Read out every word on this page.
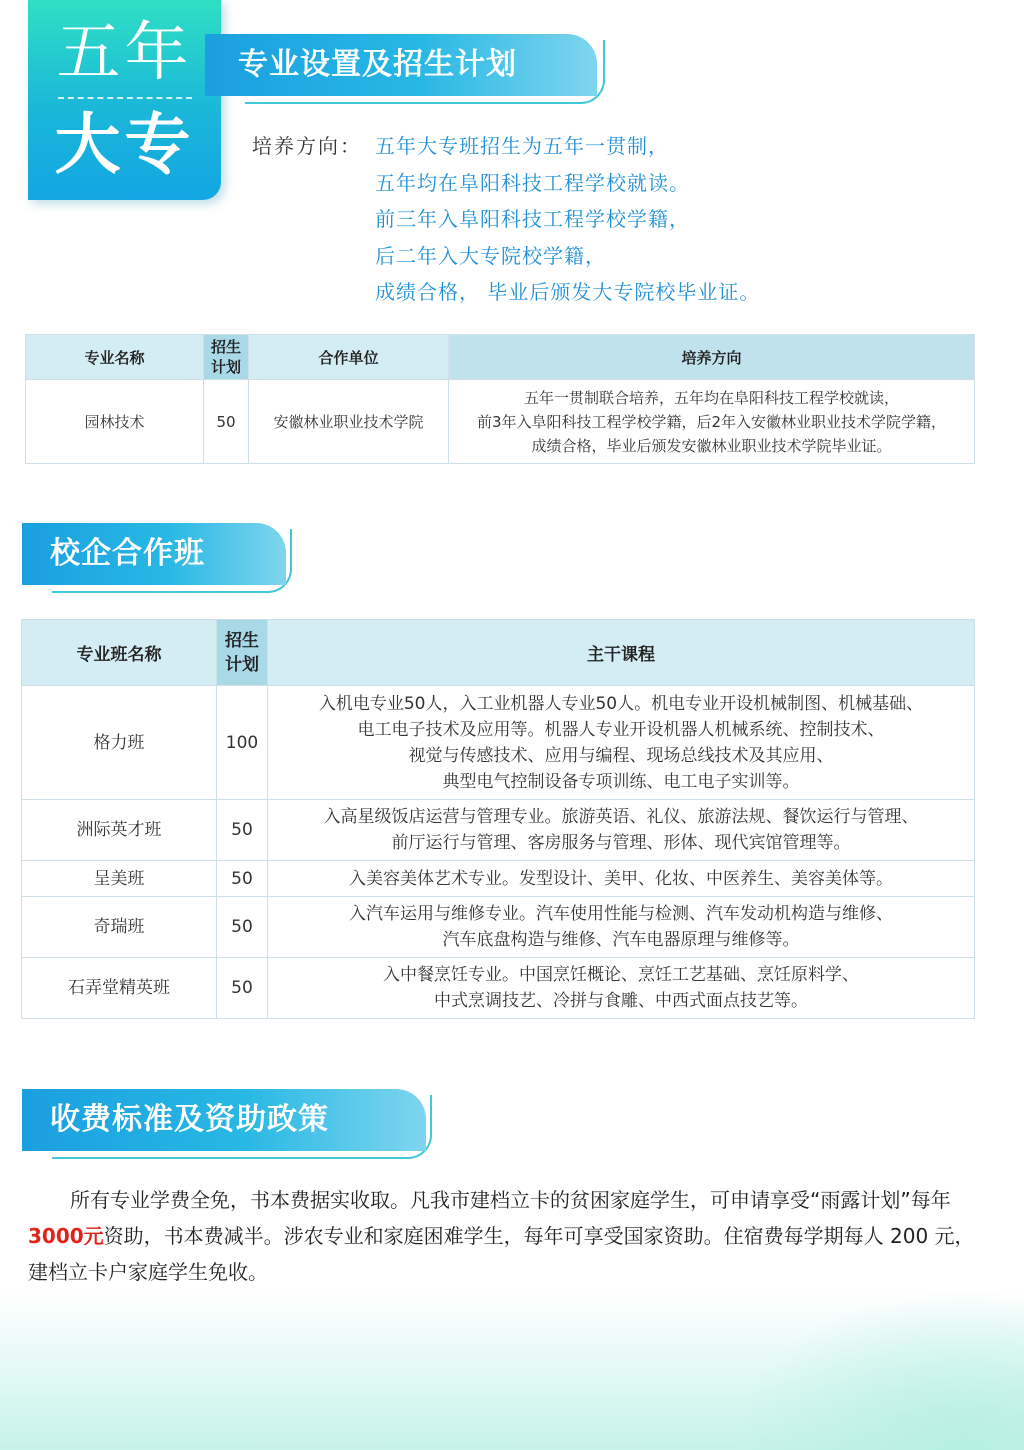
五年
大专
专业设置及招生计划
培养方向： 五年大专班招生为五年一贯制，
五年均在阜阳科技工程学校就读。
前三年入阜阳科技工程学校学籍，
后二年入大专院校学籍，
成绩合格， 毕业后颁发大专院校毕业证。
专业名称	招生计划	合作单位	培养方向
园林技术	50	安徽林业职业技术学院	五年一贯制联合培养，五年均在阜阳科技工程学校就读，
前3年入阜阳科技工程学校学籍，后2年入安徽林业职业技术学院学籍，
成绩合格，毕业后颁发安徽林业职业技术学院毕业证。
校企合作班
专业班名称	招生计划	主干课程
格力班	100	入机电专业50人，入工业机器人专业50人。机电专业开设机械制图、机械基础、
电工电子技术及应用等。机器人专业开设机器人机械系统、控制技术、
视觉与传感技术、应用与编程、现场总线技术及其应用、
典型电气控制设备专项训练、电工电子实训等。

洲际英才班	50	入高星级饭店运营与管理专业。旅游英语、礼仪、旅游法规、餐饮运行与管理、
前厅运行与管理、客房服务与管理、形体、现代宾馆管理等。

呈美班	50	入美容美体艺术专业。发型设计、美甲、化妆、中医养生、美容美体等。

奇瑞班	50	入汽车运用与维修专业。汽车使用性能与检测、汽车发动机构造与维修、
汽车底盘构造与维修、汽车电器原理与维修等。

石弄堂精英班	50	入中餐烹饪专业。中国烹饪概论、烹饪工艺基础、烹饪原料学、
中式烹调技艺、冷拼与食雕、中西式面点技艺等。
收费标准及资助政策

所有专业学费全免，书本费据实收取。凡我市建档立卡的贫困家庭学生，可申请享受“雨露计划”每年 3000元资助，书本费减半。涉农专业和家庭困难学生，每年可享受国家资助。住宿费每学期每人 200 元，建档立卡户家庭学生免收。
